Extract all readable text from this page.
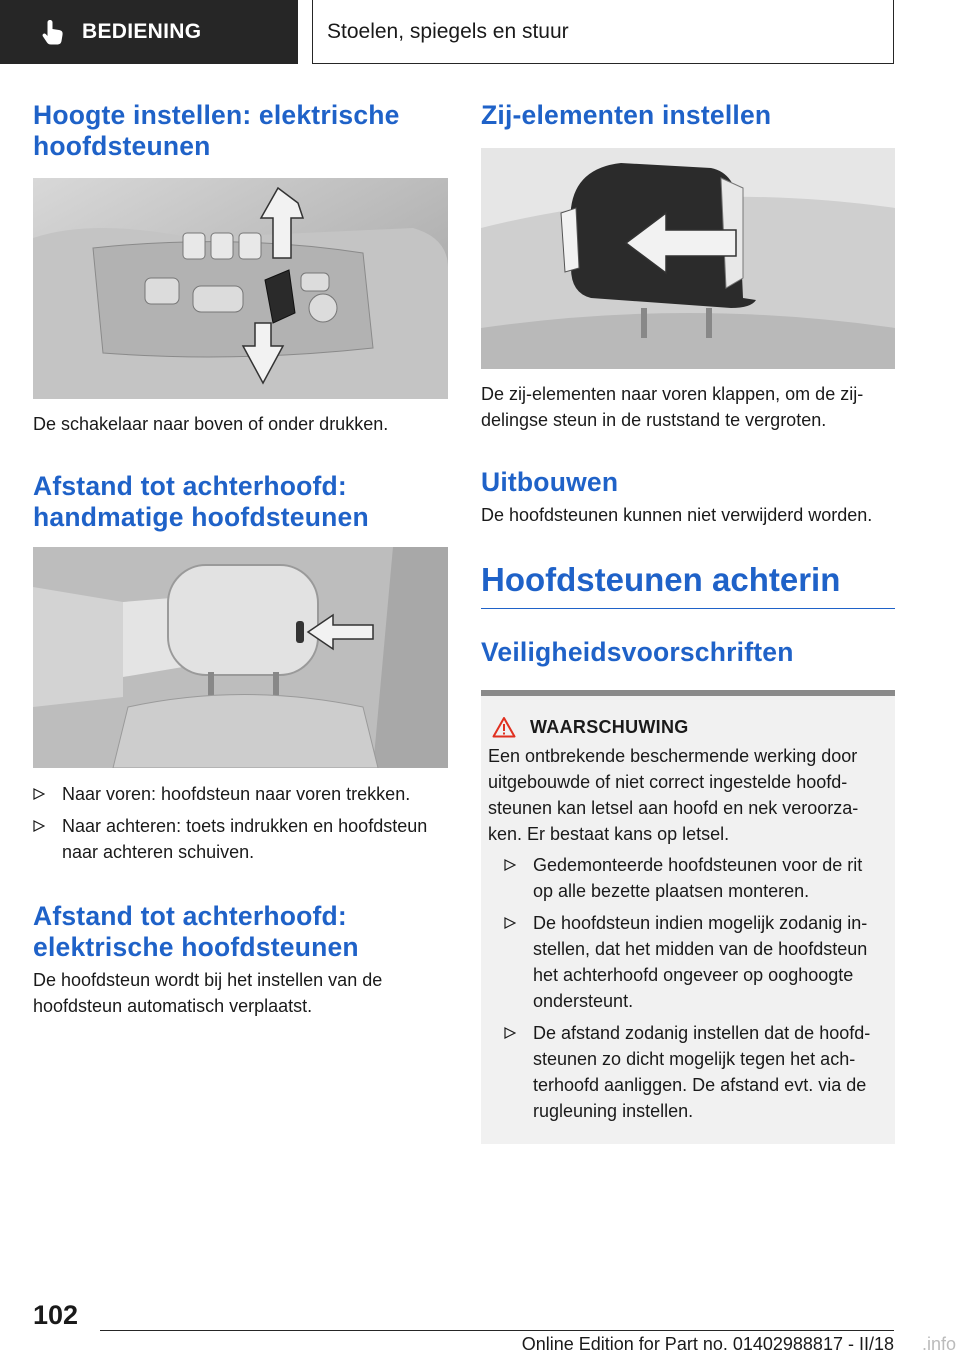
BEDIENING	Stoelen, spiegels en stuur
Hoogte instellen: elektrische hoofdsteunen

De schakelaar naar boven of onder drukken.

Afstand tot achterhoofd: handmatige hoofdsteunen
Naar voren: hoofdsteun naar voren trekken.
Naar achteren: toets indrukken en hoofdsteun naar achteren schuiven.
Afstand tot achterhoofd: elektrische hoofdsteunen

De hoofdsteun wordt bij het instellen van de hoofdsteun automatisch verplaatst.

Zij-elementen instellen

De zij-elementen naar voren klappen, om de zijdelingse steun in de ruststand te vergroten.

Uitbouwen

De hoofdsteunen kunnen niet verwijderd worden.

Hoofdsteunen achterin
Veiligheidsvoorschriften
WAARSCHUWING

Een ontbrekende beschermende werking door uitgebouwde of niet correct ingestelde hoofdsteunen kan letsel aan hoofd en nek veroorzaken. Er bestaat kans op letsel.

Gedemonteerde hoofdsteunen voor de rit op alle bezette plaatsen monteren.
De hoofdsteun indien mogelijk zodanig instellen, dat het midden van de hoofdsteun het achterhoofd ongeveer op ooghoogte ondersteunt.
De afstand zodanig instellen dat de hoofdsteunen zo dicht mogelijk tegen het achterhoofd aanliggen. De afstand evt. via de rugleuning instellen.
102
Online Edition for Part no. 01402988817 - II/18 .info
